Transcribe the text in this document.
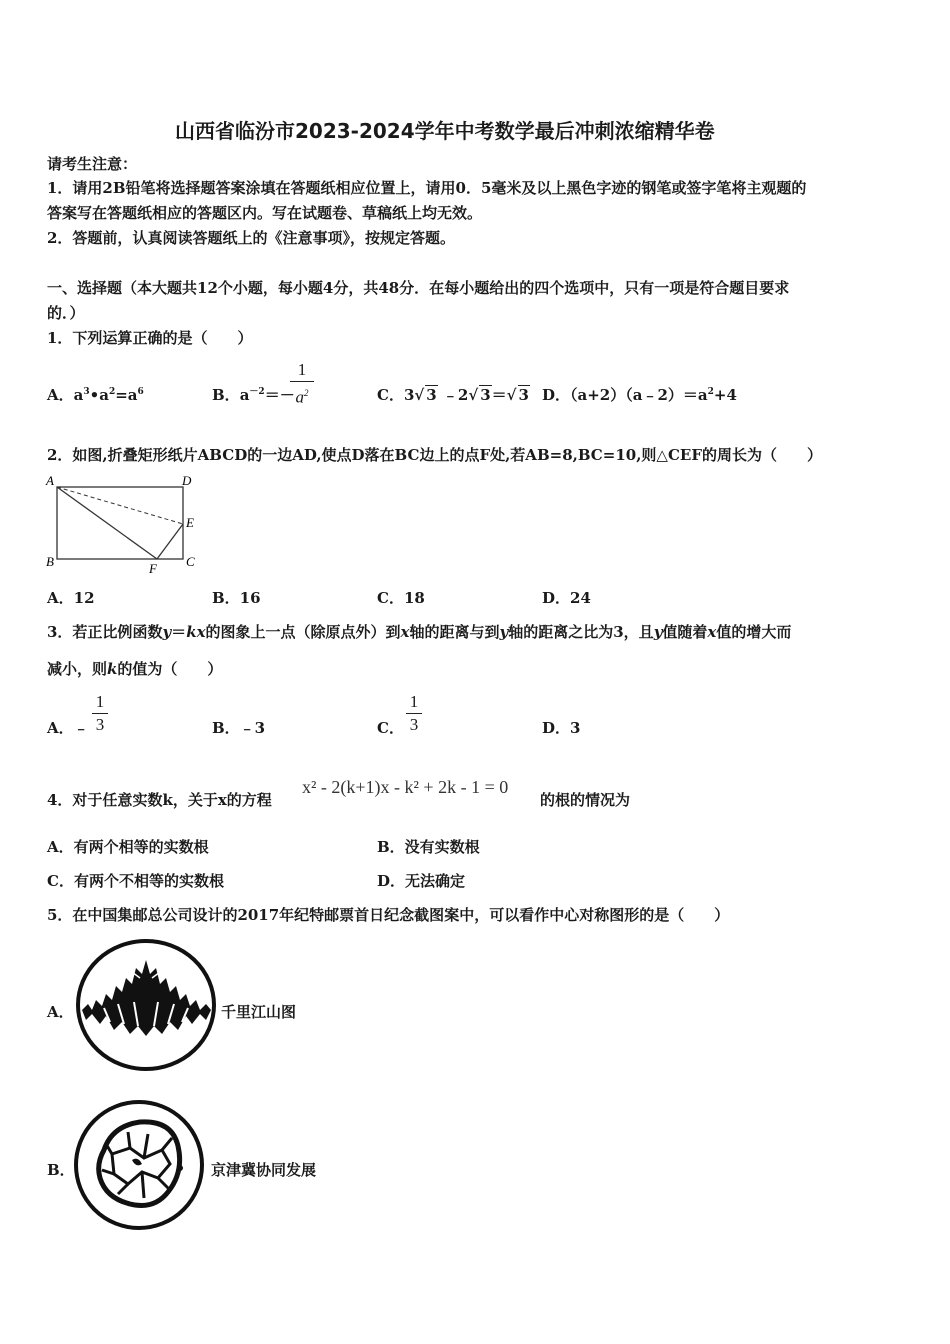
山西省临汾市2023-2024学年中考数学最后冲刺浓缩精华卷
请考生注意：
1．请用2B铅笔将选择题答案涂填在答题纸相应位置上，请用0．5毫米及以上黑色字迹的钢笔或签字笔将主观题的
答案写在答题纸相应的答题区内。写在试题卷、草稿纸上均无效。
2．答题前，认真阅读答题纸上的《注意事项》，按规定答题。
一、选择题（本大题共12个小题，每小题4分，共48分．在每小题给出的四个选项中，只有一项是符合题目要求
的．）
1．下列运算正确的是（　　）
A．$a^3•a^2=a^6$	B．$a^{-2}=-$
1
$a^2$	C．3√ 3 ﹣2√ 3＝√ 3 D．$(a+2)(a﹣2)=a^2+4$
2．如图,折叠矩形纸片ABCD的一边AD,使点D落在BC边上的点F处,若AB=8,BC=10,则△CEF的周长为（　　）
A	D
E
B	F C
A．12	B．16	C．18	D．24
3．若正比例函数y＝kx的图象上一点（除原点外）到x轴的距离与到y轴的距离之比为3，且y值随着x值的增大而
减小，则k的值为（　　）
A．﹣
1
3	B．﹣3	C．
1
3	D．3
4．对于任意实数k，关于x的方程
x² - 2(k+1)x - k² + 2k - 1 = 0
的根的情况为
A．有两个相等的实数根	B．没有实数根
C．有两个不相等的实数根	D．无法确定
5．在中国集邮总公司设计的2017年纪特邮票首日纪念截图案中，可以看作中心对称图形的是（　　）
A．	千里江山图
B．	京津冀协同发展
